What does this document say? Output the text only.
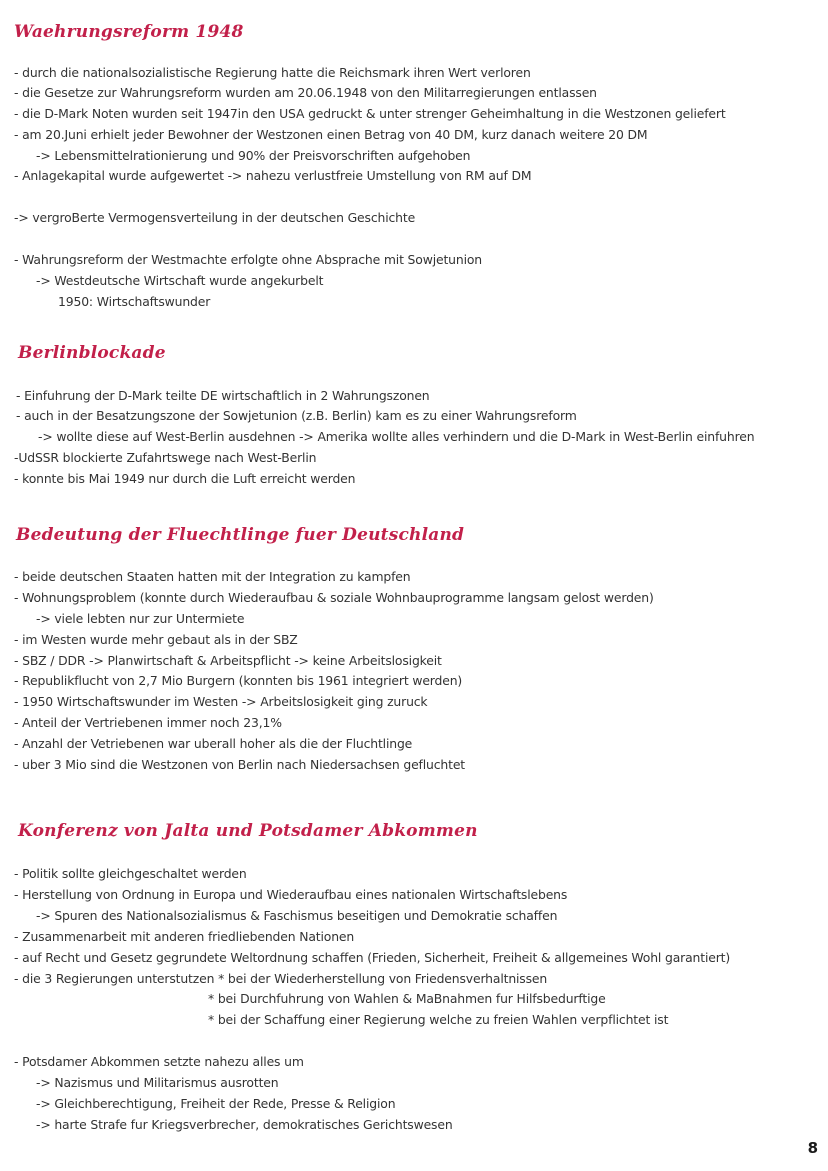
Waehrungsreform 1948
- durch die nationalsozialistische Regierung hatte die Reichsmark ihren Wert verloren
- die Gesetze zur Wahrungsreform wurden am 20.06.1948 von den Militarregierungen entlassen
- die D-Mark Noten wurden seit 1947in den USA gedruckt & unter strenger Geheimhaltung in die Westzonen geliefert
- am 20.Juni erhielt jeder Bewohner der Westzonen einen Betrag von 40 DM, kurz danach weitere 20 DM
-> Lebensmittelrationierung und 90% der Preisvorschriften aufgehoben
- Anlagekapital wurde aufgewertet -> nahezu verlustfreie Umstellung von RM auf DM
-> vergroBerte Vermogensverteilung in der deutschen Geschichte
- Wahrungsreform der Westmachte erfolgte ohne Absprache mit Sowjetunion
-> Westdeutsche Wirtschaft wurde angekurbelt
1950: Wirtschaftswunder
Berlinblockade
- Einfuhrung der D-Mark teilte DE wirtschaftlich in 2 Wahrungszonen
- auch in der Besatzungszone der Sowjetunion (z.B. Berlin) kam es zu einer Wahrungsreform
-> wollte diese auf West-Berlin ausdehnen -> Amerika wollte alles verhindern und die D-Mark in West-Berlin einfuhren
-UdSSR blockierte Zufahrtswege nach West-Berlin
- konnte bis Mai 1949 nur durch die Luft erreicht werden
Bedeutung der Fluechtlinge fuer Deutschland
- beide deutschen Staaten hatten mit der Integration zu kampfen
- Wohnungsproblem (konnte durch Wiederaufbau & soziale Wohnbauprogramme langsam gelost werden)
-> viele lebten nur zur Untermiete
- im Westen wurde mehr gebaut als in der SBZ
- SBZ / DDR -> Planwirtschaft & Arbeitspflicht -> keine Arbeitslosigkeit
- Republikflucht von 2,7 Mio Burgern (konnten bis 1961 integriert werden)
- 1950 Wirtschaftswunder im Westen -> Arbeitslosigkeit ging zuruck
- Anteil der Vertriebenen immer noch 23,1%
- Anzahl der Vetriebenen war uberall hoher als die der Fluchtlinge
- uber 3 Mio sind die Westzonen von Berlin nach Niedersachsen gefluchtet
Konferenz von Jalta und Potsdamer Abkommen
- Politik sollte gleichgeschaltet werden
- Herstellung von Ordnung in Europa und Wiederaufbau eines nationalen Wirtschaftslebens
-> Spuren des Nationalsozialismus & Faschismus beseitigen und Demokratie schaffen
- Zusammenarbeit mit anderen friedliebenden Nationen
- auf Recht und Gesetz gegrundete Weltordnung schaffen (Frieden, Sicherheit, Freiheit & allgemeines Wohl garantiert)
- die 3 Regierungen unterstutzen * bei der Wiederherstellung von Friedensverhaltnissen
* bei Durchfuhrung von Wahlen & MaBnahmen fur Hilfsbedurftige
* bei der Schaffung einer Regierung welche zu freien Wahlen verpflichtet ist
- Potsdamer Abkommen setzte nahezu alles um
-> Nazismus und Militarismus ausrotten
-> Gleichberechtigung, Freiheit der Rede, Presse & Religion
-> harte Strafe fur Kriegsverbrecher, demokratisches Gerichtswesen
8
